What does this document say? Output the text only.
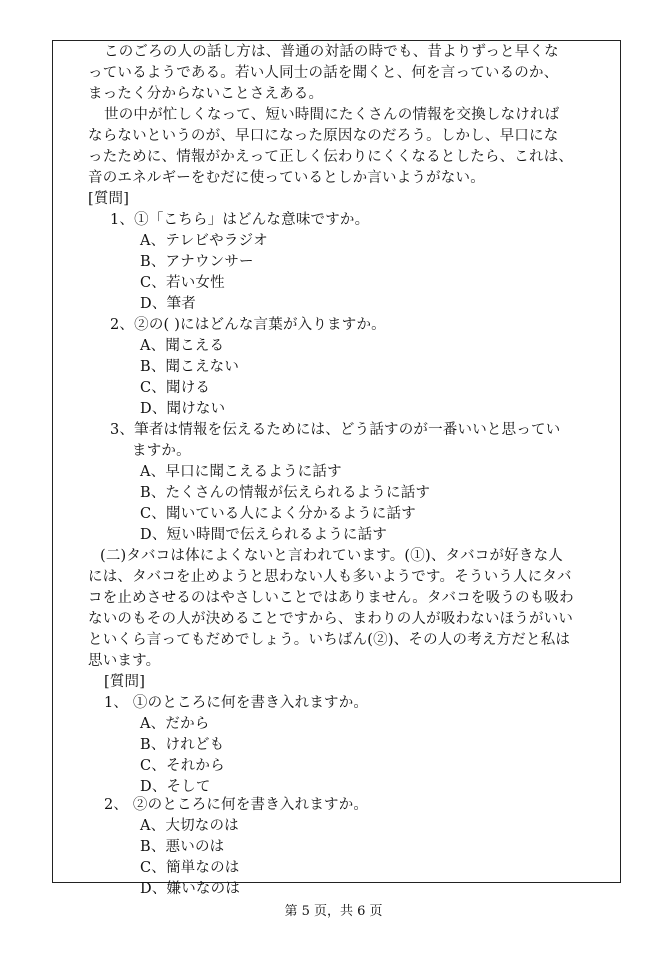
このごろの人の話し方は、普通の対話の時でも、昔よりずっと早くな
っているようである。若い人同士の話を聞くと、何を言っているのか、
まったく分からないことさえある。
世の中が忙しくなって、短い時間にたくさんの情報を交換しなければ
ならないというのが、早口になった原因なのだろう。しかし、早口にな
ったために、情報がかえって正しく伝わりにくくなるとしたら、これは、
音のエネルギーをむだに使っているとしか言いようがない。
[質問]
1、①「こちら」はどんな意味ですか。
A、テレビやラジオ
B、アナウンサー
C、若い女性
D、筆者
2、②の( )にはどんな言葉が入りますか。
A、聞こえる
B、聞こえない
C、聞ける
D、聞けない
3、筆者は情報を伝えるためには、どう話すのが一番いいと思ってい
ますか。
A、早口に聞こえるように話す
B、たくさんの情報が伝えられるように話す
C、聞いている人によく分かるように話す
D、短い時間で伝えられるように話す
(二)タバコは体によくないと言われています。(①)、タバコが好きな人
には、タバコを止めようと思わない人も多いようです。そういう人にタバ
コを止めさせるのはやさしいことではありません。タバコを吸うのも吸わ
ないのもその人が決めることですから、まわりの人が吸わないほうがいい
といくら言ってもだめでしょう。いちばん(②)、その人の考え方だと私は
思います。
[質問]
1、 ①のところに何を書き入れますか。
A、だから
B、けれども
C、それから
D、そして
2、 ②のところに何を書き入れますか。
A、大切なのは
B、悪いのは
C、簡単なのは
第 5 页，共 6 页
D、嫌いなのは
